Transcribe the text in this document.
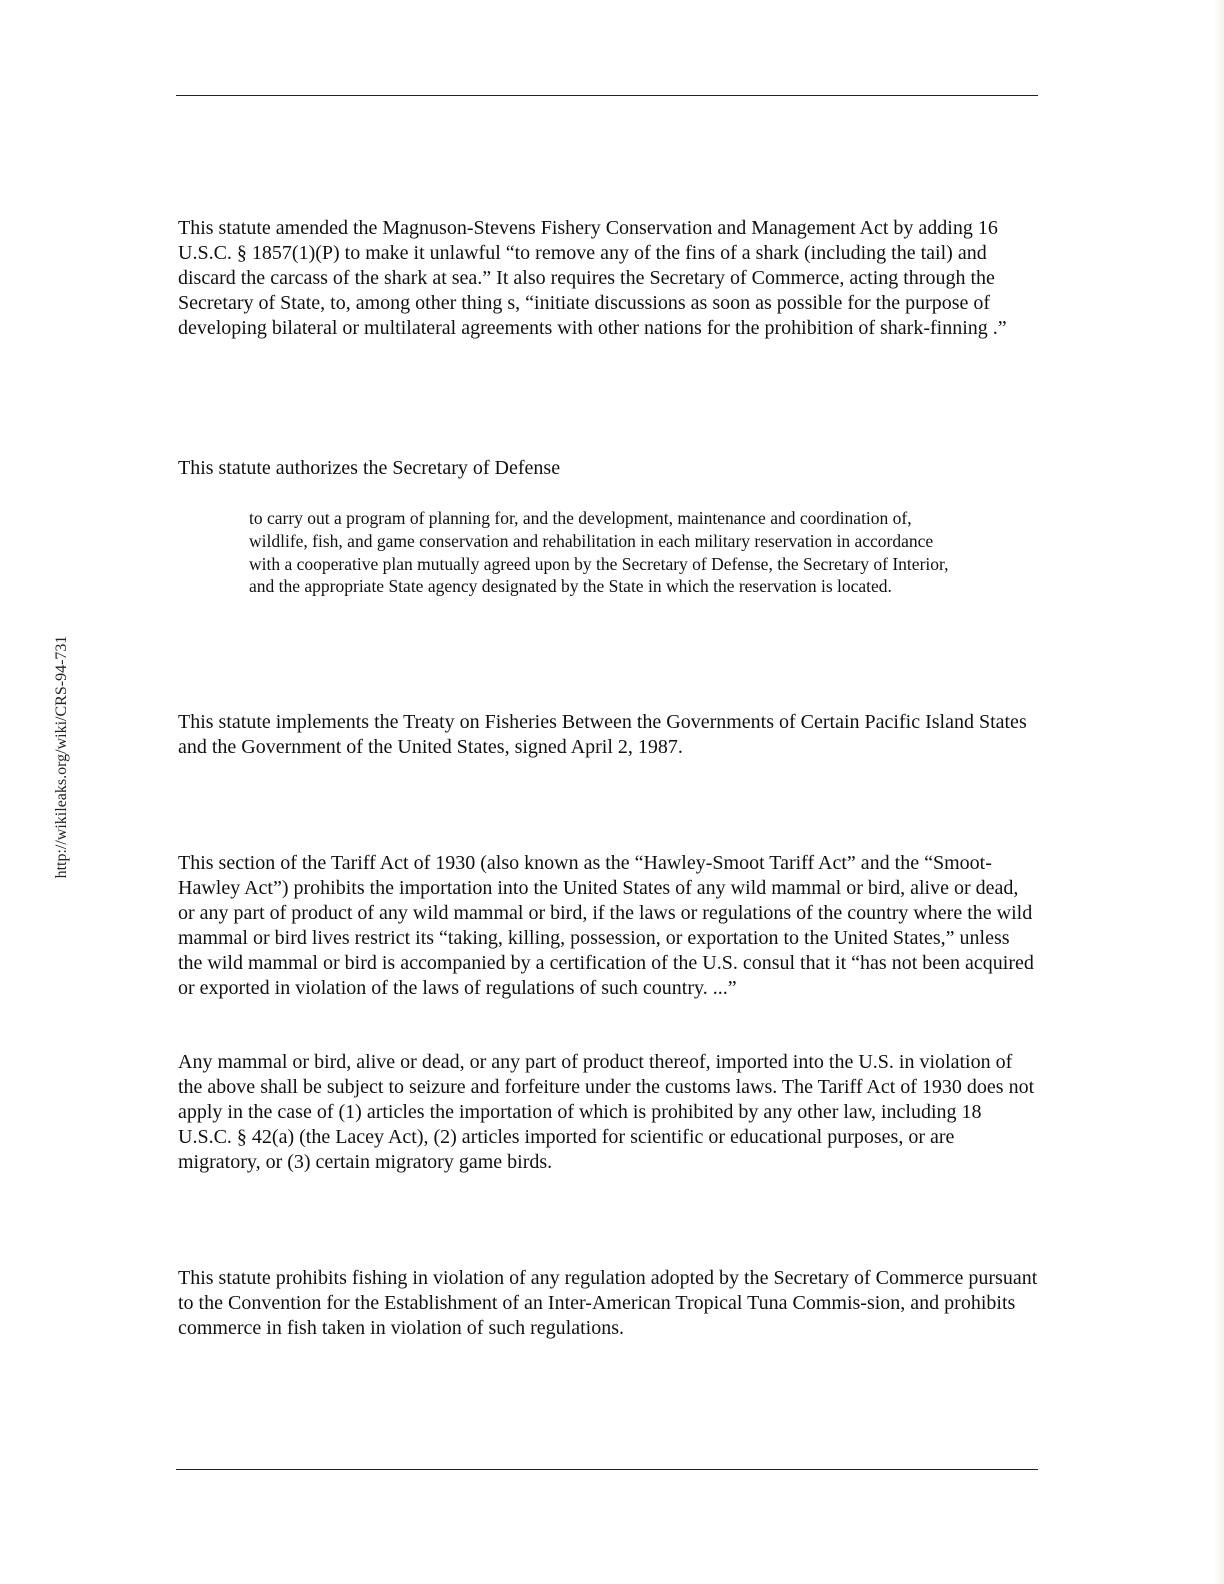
http://wikileaks.org/wiki/CRS-94-731

This statute amended the Magnuson-Stevens Fishery Conservation and Management Act by adding 16 U.S.C. § 1857(1)(P) to make it unlawful “to remove any of the fins of a shark (including the tail) and discard the carcass of the shark at sea.” It also requires the Secretary of Commerce, acting through the Secretary of State, to, among other thing s, “initiate discussions as soon as possible for the purpose of developing bilateral or multilateral agreements with other nations for the prohibition of shark-finning .”

This statute authorizes the Secretary of Defense

to carry out a program of planning for, and the development, maintenance and coordination of, wildlife, fish, and game conservation and rehabilitation in each military reservation in accordance with a cooperative plan mutually agreed upon by the Secretary of Defense, the Secretary of Interior, and the appropriate State agency designated by the State in which the reservation is located.

This statute implements the Treaty on Fisheries Between the Governments of Certain Pacific Island States and the Government of the United States, signed April 2, 1987.

This section of the Tariff Act of 1930 (also known as the “Hawley-Smoot Tariff Act” and the “Smoot-Hawley Act”) prohibits the importation into the United States of any wild mammal or bird, alive or dead, or any part of product of any wild mammal or bird, if the laws or regulations of the country where the wild mammal or bird lives restrict its “taking, killing, possession, or exportation to the United States,” unless the wild mammal or bird is accompanied by a certification of the U.S. consul that it “has not been acquired or exported in violation of the laws of regulations of such country. ...”

Any mammal or bird, alive or dead, or any part of product thereof, imported into the U.S. in violation of the above shall be subject to seizure and forfeiture under the customs laws. The Tariff Act of 1930 does not apply in the case of (1) articles the importation of which is prohibited by any other law, including 18 U.S.C. § 42(a) (the Lacey Act), (2) articles imported for scientific or educational purposes, or are migratory, or (3) certain migratory game birds.

This statute prohibits fishing in violation of any regulation adopted by the Secretary of Commerce pursuant to the Convention for the Establishment of an Inter-American Tropical Tuna Commis-sion, and prohibits commerce in fish taken in violation of such regulations.
